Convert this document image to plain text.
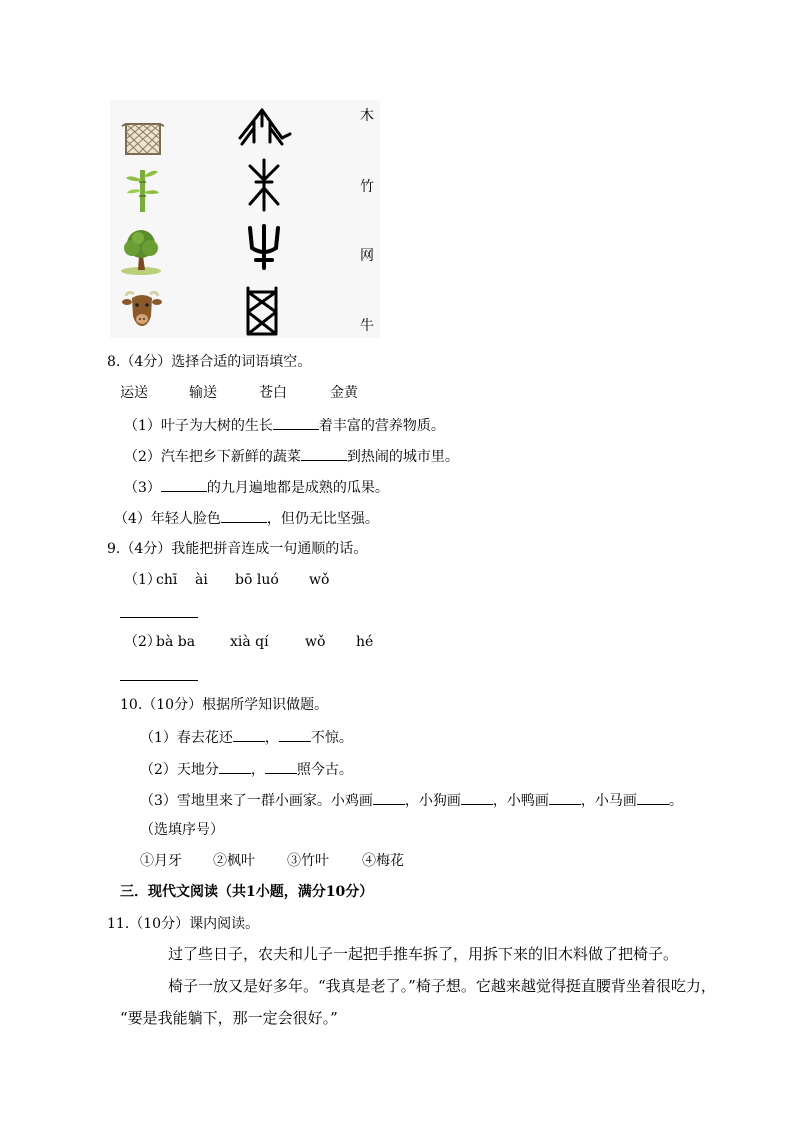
木
竹
网
牛
8.（4分）选择合适的词语填空。
运送	输送	苍白	金黄
（1）叶子为大树的生长	着丰富的营养物质。
（2）汽车把乡下新鲜的蔬菜	到热闹的城市里。
（3）	的九月遍地都是成熟的瓜果。
（4）年轻人脸色	，但仍无比坚强。
9.（4分）我能把拼音连成一句通顺的话。
（1）
chī ài bō luó wǒ
（2）
bà ba xià qí	wǒ hé
10.（10分）根据所学知识做题。
（1）春去花还 ， 不惊。
（2）天地分 ， 照今古。
（3）雪地里来了一群小画家。小鸡画 ，小狗画 ，小鸭画 ，小马画 。
（选填序号）
①月牙 ②枫叶 ③竹叶 ④梅花
三．现代文阅读（共1小题，满分10分）
11.（10分）课内阅读。
过了些日子，农夫和儿子一起把手推车拆了，用拆下来的旧木料做了把椅子。
椅子一放又是好多年。“我真是老了。”椅子想。它越来越觉得挺直腰背坐着很吃力，
“要是我能躺下，那一定会很好。”
